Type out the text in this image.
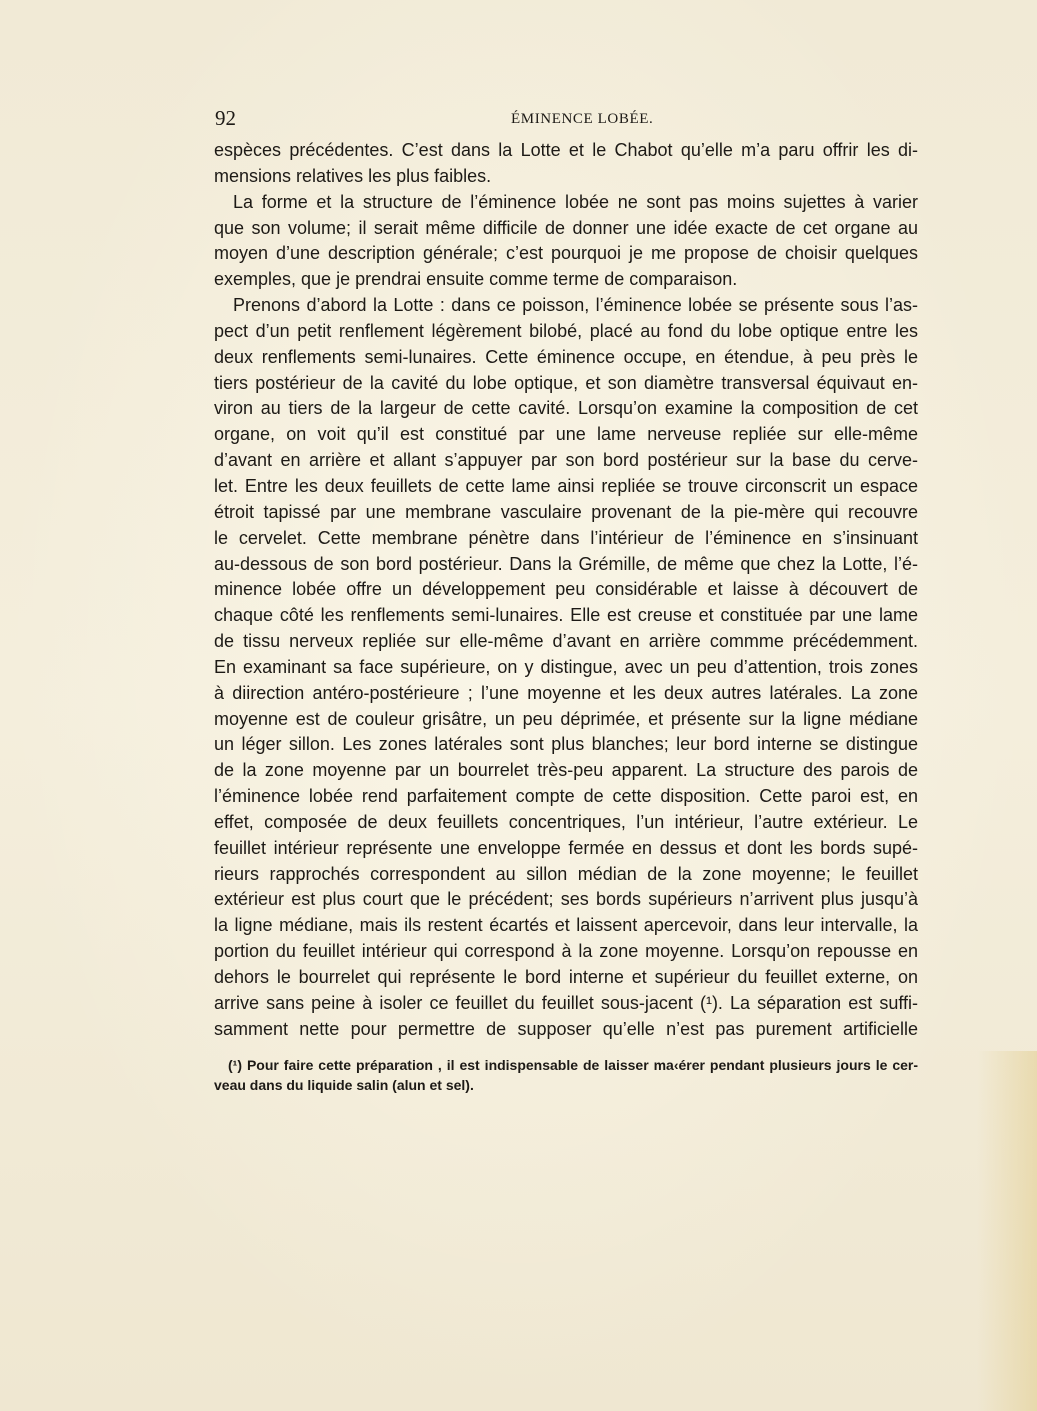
92	ÉMINENCE LOBÉE.
espèces précédentes. C’est dans la Lotte et le Chabot qu’elle m’a paru offrir les di-
mensions relatives les plus faibles.
La forme et la structure de l’éminence lobée ne sont pas moins sujettes à varier
que son volume; il serait même difficile de donner une idée exacte de cet organe au
moyen d’une description générale; c’est pourquoi je me propose de choisir quelques
exemples, que je prendrai ensuite comme terme de comparaison.
Prenons d’abord la Lotte : dans ce poisson, l’éminence lobée se présente sous l’as-
pect d’un petit renflement légèrement bilobé, placé au fond du lobe optique entre les
deux renflements semi-lunaires. Cette éminence occupe, en étendue, à peu près le
tiers postérieur de la cavité du lobe optique, et son diamètre transversal équivaut en-
viron au tiers de la largeur de cette cavité. Lorsqu’on examine la composition de cet
organe, on voit qu’il est constitué par une lame nerveuse repliée sur elle-même
d’avant en arrière et allant s’appuyer par son bord postérieur sur la base du cerve-
let. Entre les deux feuillets de cette lame ainsi repliée se trouve circonscrit un espace
étroit tapissé par une membrane vasculaire provenant de la pie-mère qui recouvre
le cervelet. Cette membrane pénètre dans l’intérieur de l’éminence en s’insinuant
au-dessous de son bord postérieur. Dans la Grémille, de même que chez la Lotte, l’é-
minence lobée offre un développement peu considérable et laisse à découvert de
chaque côté les renflements semi-lunaires. Elle est creuse et constituée par une lame
de tissu nerveux repliée sur elle-même d’avant en arrière commme précédemment.
En examinant sa face supérieure, on y distingue, avec un peu d’attention, trois zones
à diirection antéro-postérieure ; l’une moyenne et les deux autres latérales. La zone
moyenne est de couleur grisâtre, un peu déprimée, et présente sur la ligne médiane
un léger sillon. Les zones latérales sont plus blanches; leur bord interne se distingue
de la zone moyenne par un bourrelet très-peu apparent. La structure des parois de
l’éminence lobée rend parfaitement compte de cette disposition. Cette paroi est, en
effet, composée de deux feuillets concentriques, l’un intérieur, l’autre extérieur. Le
feuillet intérieur représente une enveloppe fermée en dessus et dont les bords supé-
rieurs rapprochés correspondent au sillon médian de la zone moyenne; le feuillet
extérieur est plus court que le précédent; ses bords supérieurs n’arrivent plus jusqu’à
la ligne médiane, mais ils restent écartés et laissent apercevoir, dans leur intervalle, la
portion du feuillet intérieur qui correspond à la zone moyenne. Lorsqu’on repousse en
dehors le bourrelet qui représente le bord interne et supérieur du feuillet externe, on
arrive sans peine à isoler ce feuillet du feuillet sous-jacent (¹). La séparation est suffi-
samment nette pour permettre de supposer qu’elle n’est pas purement artificielle
(¹) Pour faire cette préparation , il est indispensable de laisser ma‹érer pendant plusieurs jours le cer-
veau dans du liquide salin (alun et sel).
